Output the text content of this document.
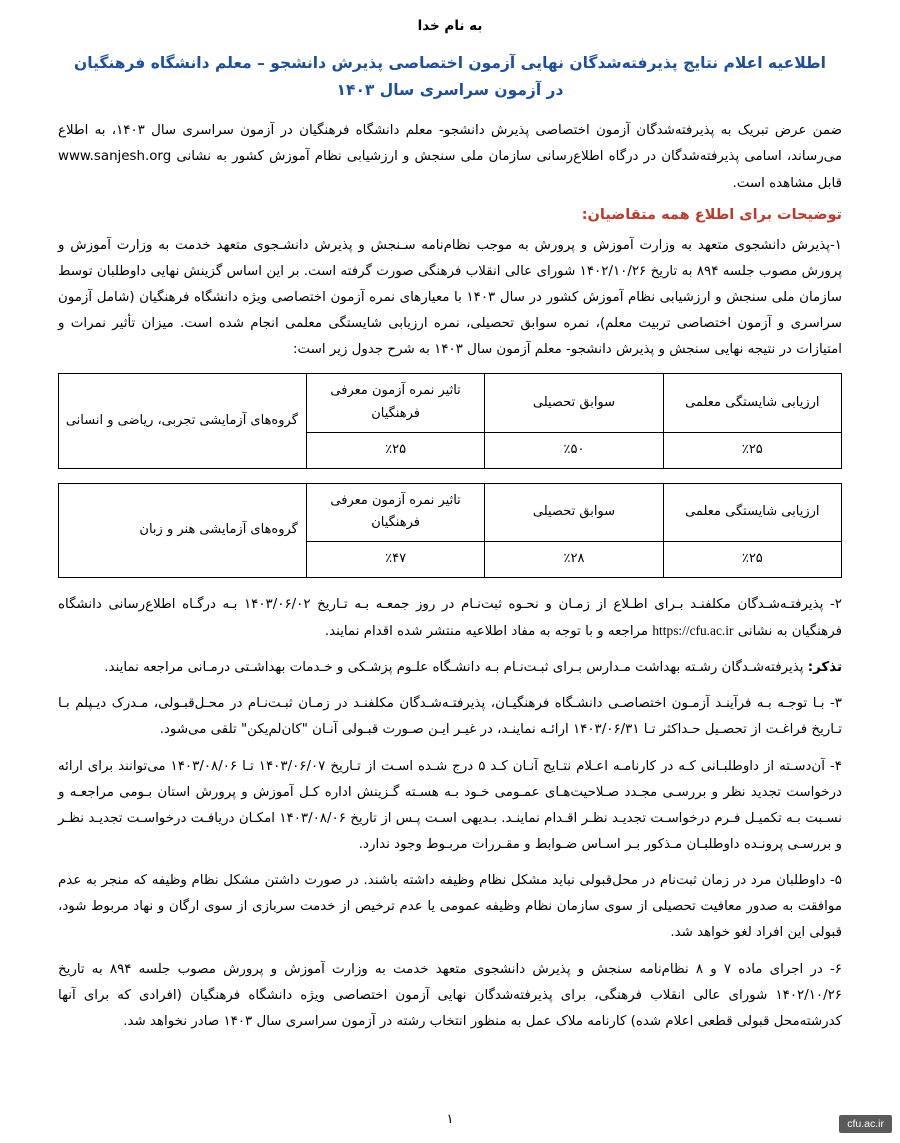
به نام خدا
اطلاعیه اعلام نتایج پذیرفته‌شدگان نهایی آزمون اختصاصی پذیرش دانشجو – معلم دانشگاه فرهنگیان
در آزمون سراسری سال ۱۴۰۳

ضمن عرض تبریک به پذیرفته‌شدگان آزمون اختصاصی پذیرش دانشجو- معلم دانشگاه فرهنگیان در آزمون سراسری سال ۱۴۰۳، به اطلاع می‌رساند، اسامی پذیرفته‌شدگان در درگاه اطلاع‌رسانی سازمان ملی سنجش و ارزشیابی نظام آموزش کشور به نشانی www.sanjesh.org قابل مشاهده است.

توضیحات برای اطلاع همه متقاضیان:

۱-پذیرش دانشجوی متعهد به وزارت آموزش و پرورش به موجب نظام‌نامه سـنجش و پذیرش دانشـجوی متعهد خدمت به وزارت آموزش و پرورش مصوب جلسه ۸۹۴ به تاریخ ۱۴۰۲/۱۰/۲۶ شورای عالی انقلاب فرهنگی صورت گرفته است. بر این اساس گزینش نهایی داوطلبان توسط سازمان ملی سنجش و ارزشیابی نظام آموزش کشور در سال ۱۴۰۳ با معیارهای نمره آزمون اختصاصی ویژه دانشگاه فرهنگیان (شامل آزمون سراسری و آزمون اختصاصی تربیت معلم)، نمره سوابق تحصیلی، نمره ارزیابی شایستگی معلمی انجام شده است. میزان تأثیر نمرات و امتیازات در نتیجه نهایی سنجش و پذیرش دانشجو- معلم آزمون سال ۱۴۰۳ به شرح جدول زیر است:

ارزیابی شایستگی معلمی	سوابق تحصیلی	تاثیر نمره آزمون معرفی فرهنگیان	گروه‌های آزمایشی تجربی، ریاضی و انسانی
٪۲۵	٪۵۰	٪۲۵	
ارزیابی شایستگی معلمی	سوابق تحصیلی	تاثیر نمره آزمون معرفی فرهنگیان	گروه‌های آزمایشی هنر و زبان
٪۲۵	٪۲۸	٪۴۷	

۲- پذیرفتـه‌شـدگان مکلفنـد بـرای اطـلاع از زمـان و نحـوه ثبت‌نـام در روز جمعـه بـه تـاریخ ۱۴۰۳/۰۶/۰۲ بـه درگـاه اطلاع‌رسانی دانشگاه فرهنگیان به نشانی https://cfu.ac.ir مراجعه و با توجه به مفاد اطلاعیه منتشر شده اقدام نمایند.

تذکر: پذیرفته‌شـدگان رشـته بهداشت مـدارس بـرای ثبـت‌نـام بـه دانشـگاه علـوم پزشـکی و خـدمات بهداشـتی درمـانی مراجعه نمایند.

۳- بـا توجـه بـه فرآینـد آزمـون اختصاصـی دانشـگاه فرهنگیـان، پذیرفتـه‌شـدگان مکلفنـد در زمـان ثبـت‌نـام در محـل‌قبـولی، مـدرک دیـپلم بـا تـاریخ فراغـت از تحصـیل حـداکثر تـا ۱۴۰۳/۰۶/۳۱ ارائـه نماینـد، در غیـر ایـن صـورت قبـولی آنـان "کان‌لم‌یکن" تلقی می‌شود.

۴- آن‌دسـته از داوطلبـانی کـه در کارنامـه اعـلام نتـایج آنـان کـد ۵ درج شـده اسـت از تـاریخ ۱۴۰۳/۰۶/۰۷ تـا ۱۴۰۳/۰۸/۰۶ می‌توانند برای ارائه درخواست تجدید نظر و بررسـی مجـدد صـلاحیت‌هـای عمـومی خـود بـه هسـته گـزینش اداره کـل آموزش و پرورش استان بـومی مراجعـه و نسـبت بـه تکمیـل فـرم درخواسـت تجدیـد نظـر اقـدام نماینـد. بـدیهی اسـت پـس از تاریخ ۱۴۰۳/۰۸/۰۶ امکـان دریافـت درخواسـت تجدیـد نظـر و بررسـی پرونـده داوطلبـان مـذکور بـر اسـاس ضـوابط و مقـررات مربـوط وجود ندارد.

۵- داوطلبان مرد در زمان ثبت‌نام در محل‌قبولی نباید مشکل نظام وظیفه داشته باشند. در صورت داشتن مشکل نظام وظیفه که منجر به عدم موافقت به صدور معافیت تحصیلی از سوی سازمان نظام وظیفه عمومی یا عدم ترخیص از خدمت سربازی از سوی ارگان و نهاد مربوط شود، قبولی این افراد لغو خواهد شد.

۶- در اجرای ماده ۷ و ۸ نظام‌نامه سنجش و پذیرش دانشجوی متعهد خدمت به وزارت آموزش و پرورش مصوب جلسه ۸۹۴ به تاریخ ۱۴۰۲/۱۰/۲۶ شورای عالی انقلاب فرهنگی، برای پذیرفته‌شدگان نهایی آزمون اختصاصی ویژه دانشگاه فرهنگیان (افرادی که برای آنها کدرشته‌محل قبولی قطعی اعلام شده) کارنامه ملاک عمل به منظور انتخاب رشته در آزمون سراسری سال ۱۴۰۳ صادر نخواهد شد.

۱	cfu.ac.ir
